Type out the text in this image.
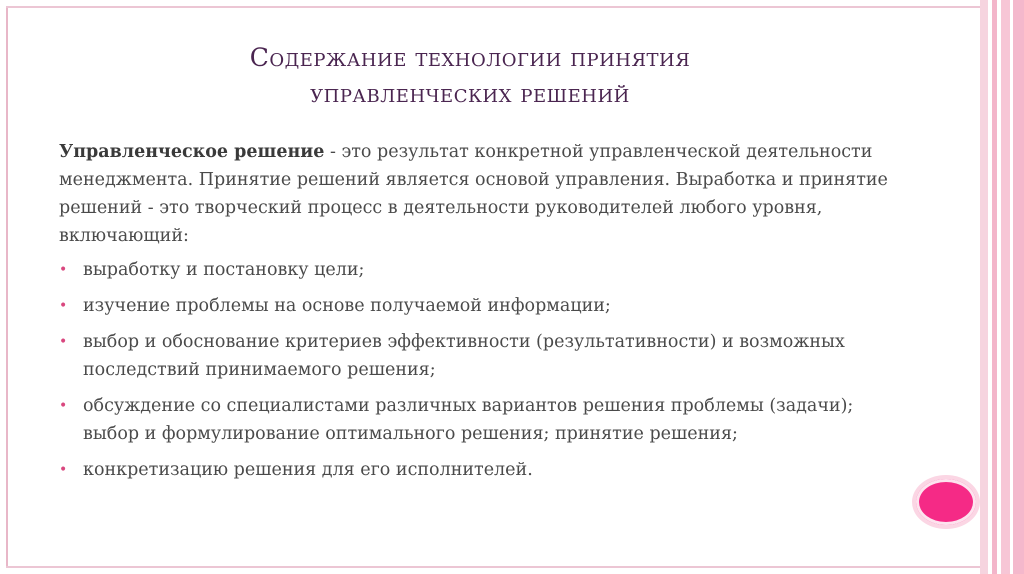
Содержание технологии принятия
управленческих решений

Управленческое решение - это результат конкретной управленческой деятельности менеджмента. Принятие решений является основой управления. Выработка и принятие решений - это творческий процесс в деятельности руководителей любого уровня, включающий:

• выработку и постановку цели;
• изучение проблемы на основе получаемой информации;
• выбор и обоснование критериев эффективности (результативности) и возможных последствий принимаемого решения;
• обсуждение со специалистами различных вариантов решения проблемы (задачи); выбор и формулирование оптимального решения; принятие решения;
• конкретизацию решения для его исполнителей.
